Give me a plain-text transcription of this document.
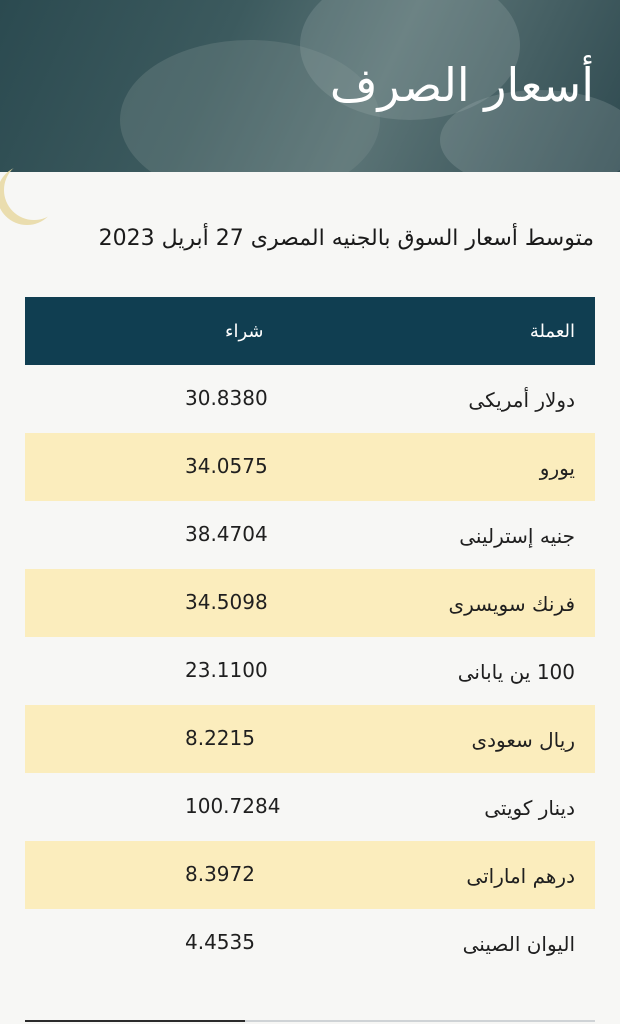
أسعار الصرف
متوسط أسعار السوق بالجنيه المصرى 27 أبريل 2023
العملة
شراء
دولار أمريكى
30.8380
يورو
34.0575
جنيه إسترلينى
38.4704
فرنك سويسرى
34.5098
100 ين يابانى
23.1100
ريال سعودى
8.2215
دينار كويتى
100.7284
درهم اماراتى
8.3972
اليوان الصينى
4.4535
